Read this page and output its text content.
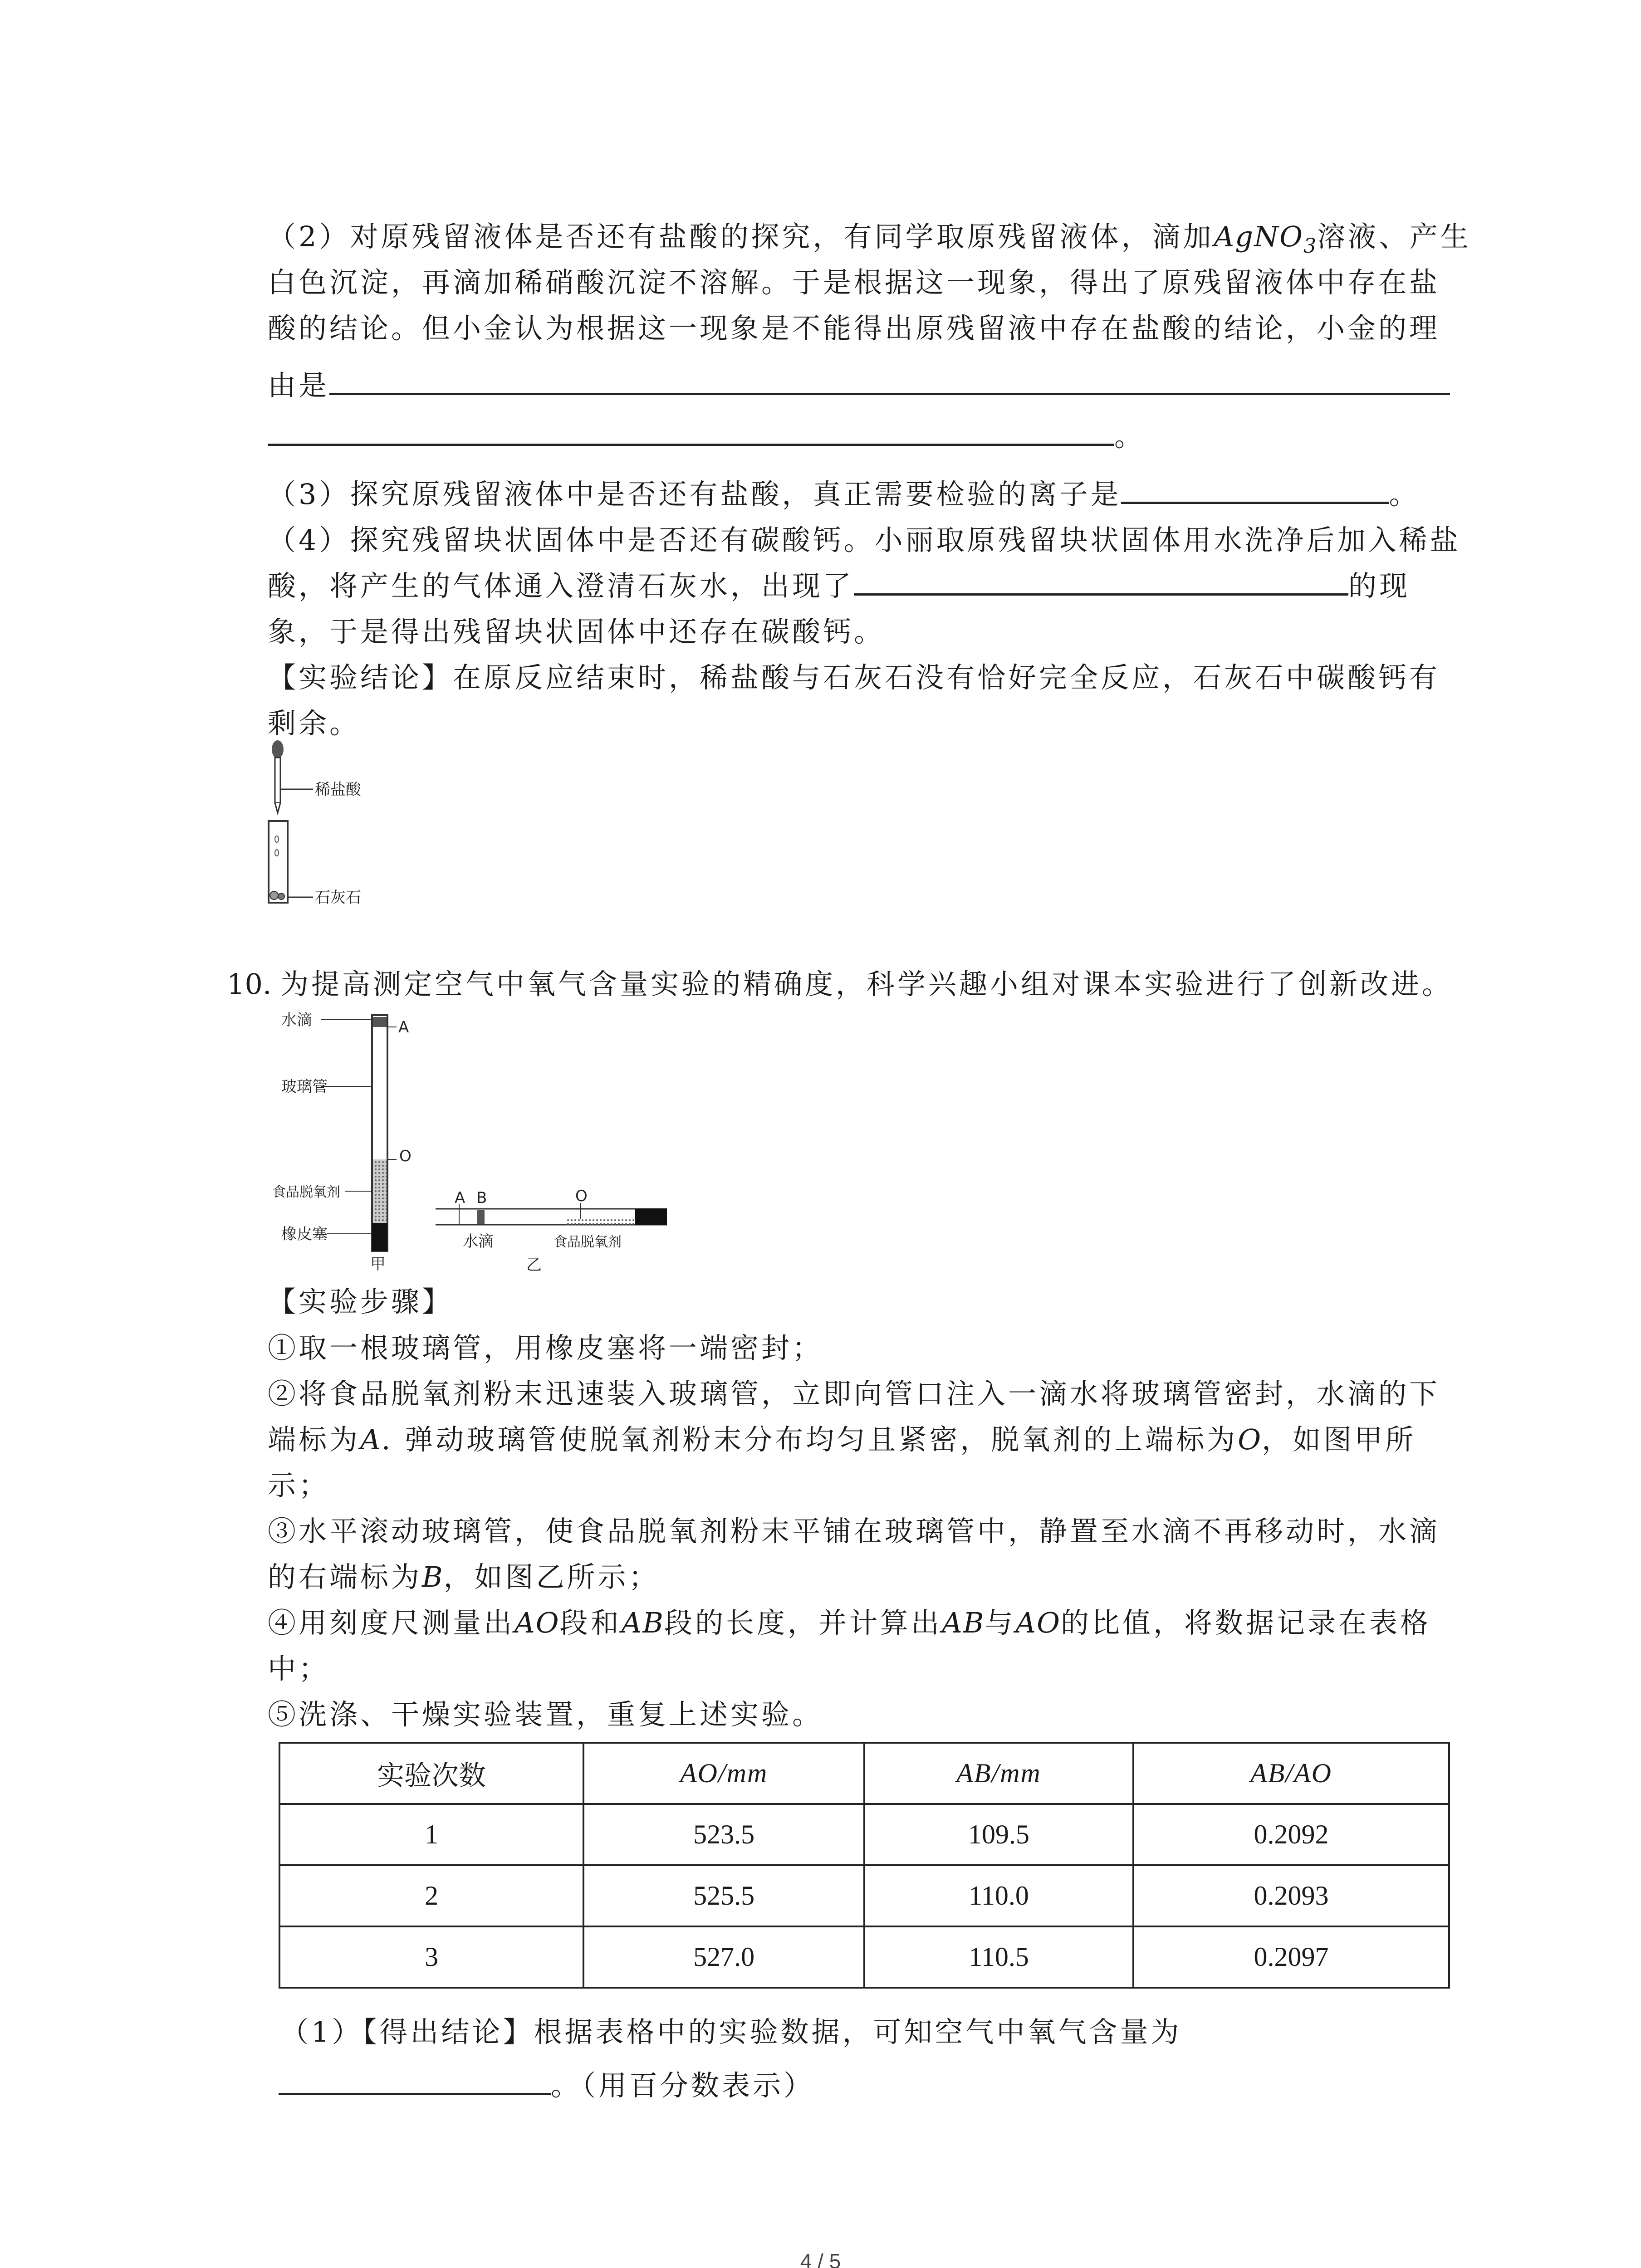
（2）对原残留液体是否还有盐酸的探究，有同学取原残留液体，滴加AgNO$_3$溶液、产生
白色沉淀，再滴加稀硝酸沉淀不溶解。于是根据这一现象，得出了原残留液体中存在盐
酸的结论。但小金认为根据这一现象是不能得出原残留液中存在盐酸的结论，小金的理
由是
。
（3）探究原残留液体中是否还有盐酸，真正需要检验的离子是	。
（4）探究残留块状固体中是否还有碳酸钙。小丽取原残留块状固体用水洗净后加入稀盐
酸，将产生的气体通入澄清石灰水，出现了	的现
象，于是得出残留块状固体中还存在碳酸钙。
【实验结论】在原反应结束时，稀盐酸与石灰石没有恰好完全反应，石灰石中碳酸钙有
剩余。
稀盐酸
石灰石
10. 为提高测定空气中氧气含量实验的精确度，科学兴趣小组对课本实验进行了创新改进。
水滴	A
玻璃管
O
食品脱氧剂
橡皮塞
甲
A B	O
水滴	食品脱氧剂
乙
【实验步骤】
①取一根玻璃管，用橡皮塞将一端密封；
②将食品脱氧剂粉末迅速装入玻璃管，立即向管口注入一滴水将玻璃管密封，水滴的下
端标为A. 弹动玻璃管使脱氧剂粉末分布均匀且紧密，脱氧剂的上端标为O，如图甲所
示；
③水平滚动玻璃管，使食品脱氧剂粉末平铺在玻璃管中，静置至水滴不再移动时，水滴
的右端标为B，如图乙所示；
④用刻度尺测量出AO段和AB段的长度，并计算出AB与AO的比值，将数据记录在表格
中；
⑤洗涤、干燥实验装置，重复上述实验。
实验次数	AO/mm	AB/mm	AB/AO
1	523.5	109.5	0.2092
2	525.5	110.0	0.2093
3	527.0	110.5	0.2097
（1）【得出结论】根据表格中的实验数据，可知空气中氧气含量为
。（用百分数表示）
4 / 5
